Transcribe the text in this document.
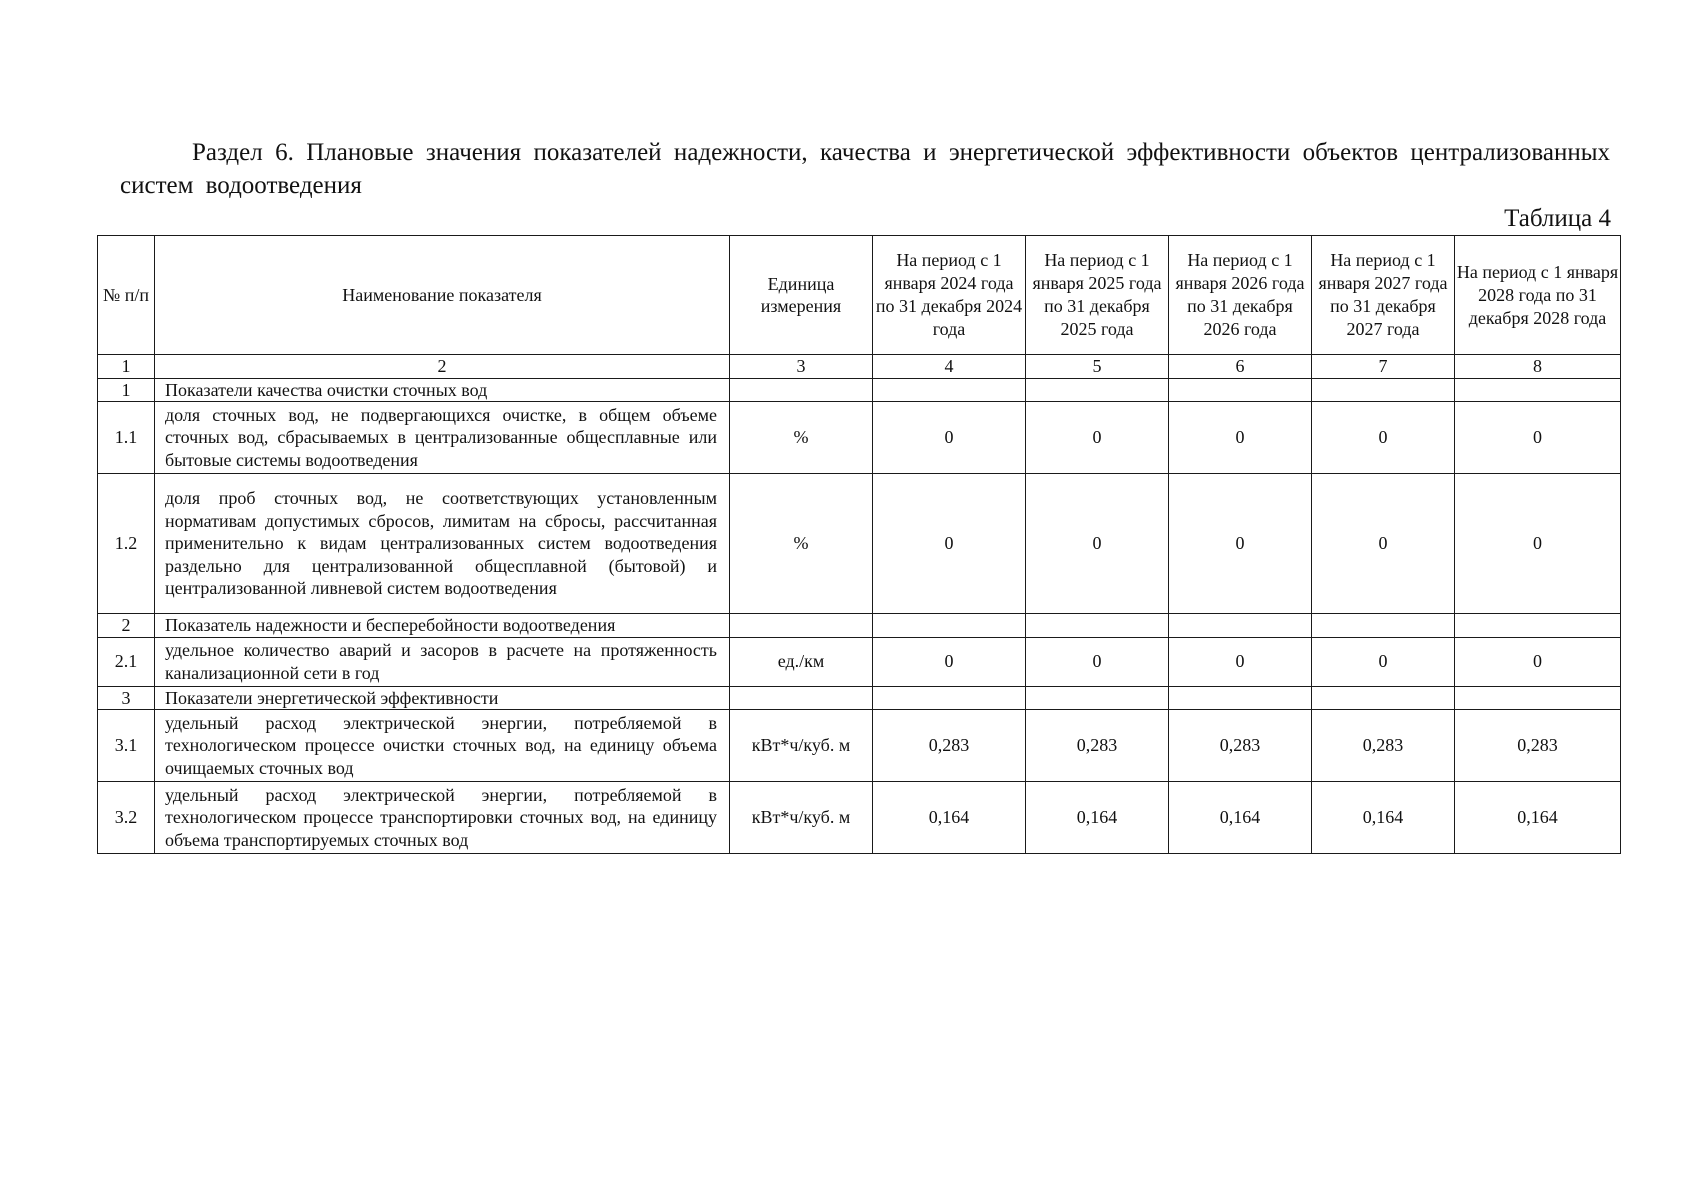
Раздел 6. Плановые значения показателей надежности, качества и энергетической эффективности объектов централизованных систем водоотведения
Таблица 4
№ п/п	Наименование показателя	Единица измерения	На период с 1 января 2024 года по 31 декабря 2024 года	На период с 1 января 2025 года по 31 декабря 2025 года	На период с 1 января 2026 года по 31 декабря 2026 года	На период с 1 января 2027 года по 31 декабря 2027 года	На период с 1 января 2028 года по 31 декабря 2028 года
1	2	3	4	5	6	7	8
1	Показатели качества очистки сточных вод						
1.1	доля сточных вод, не подвергающихся очистке, в общем объеме сточных вод, сбрасываемых в централизованные общесплавные или бытовые системы водоотведения	%	0	0	0	0	0
1.2	доля проб сточных вод, не соответствующих установленным нормативам допустимых сбросов, лимитам на сбросы, рассчитанная применительно к видам централизованных систем водоотведения раздельно для централизованной общесплавной (бытовой) и централизованной ливневой систем водоотведения	%	0	0	0	0	0
2	Показатель надежности и бесперебойности водоотведения						
2.1	удельное количество аварий и засоров в расчете на протяженность канализационной сети в год	ед./км	0	0	0	0	0
3	Показатели энергетической эффективности						
3.1	удельный расход электрической энергии, потребляемой в технологическом процессе очистки сточных вод, на единицу объема очищаемых сточных вод	кВт*ч/куб. м	0,283	0,283	0,283	0,283	0,283
3.2	удельный расход электрической энергии, потребляемой в технологическом процессе транспортировки сточных вод, на единицу объема транспортируемых сточных вод	кВт*ч/куб. м	0,164	0,164	0,164	0,164	0,164
